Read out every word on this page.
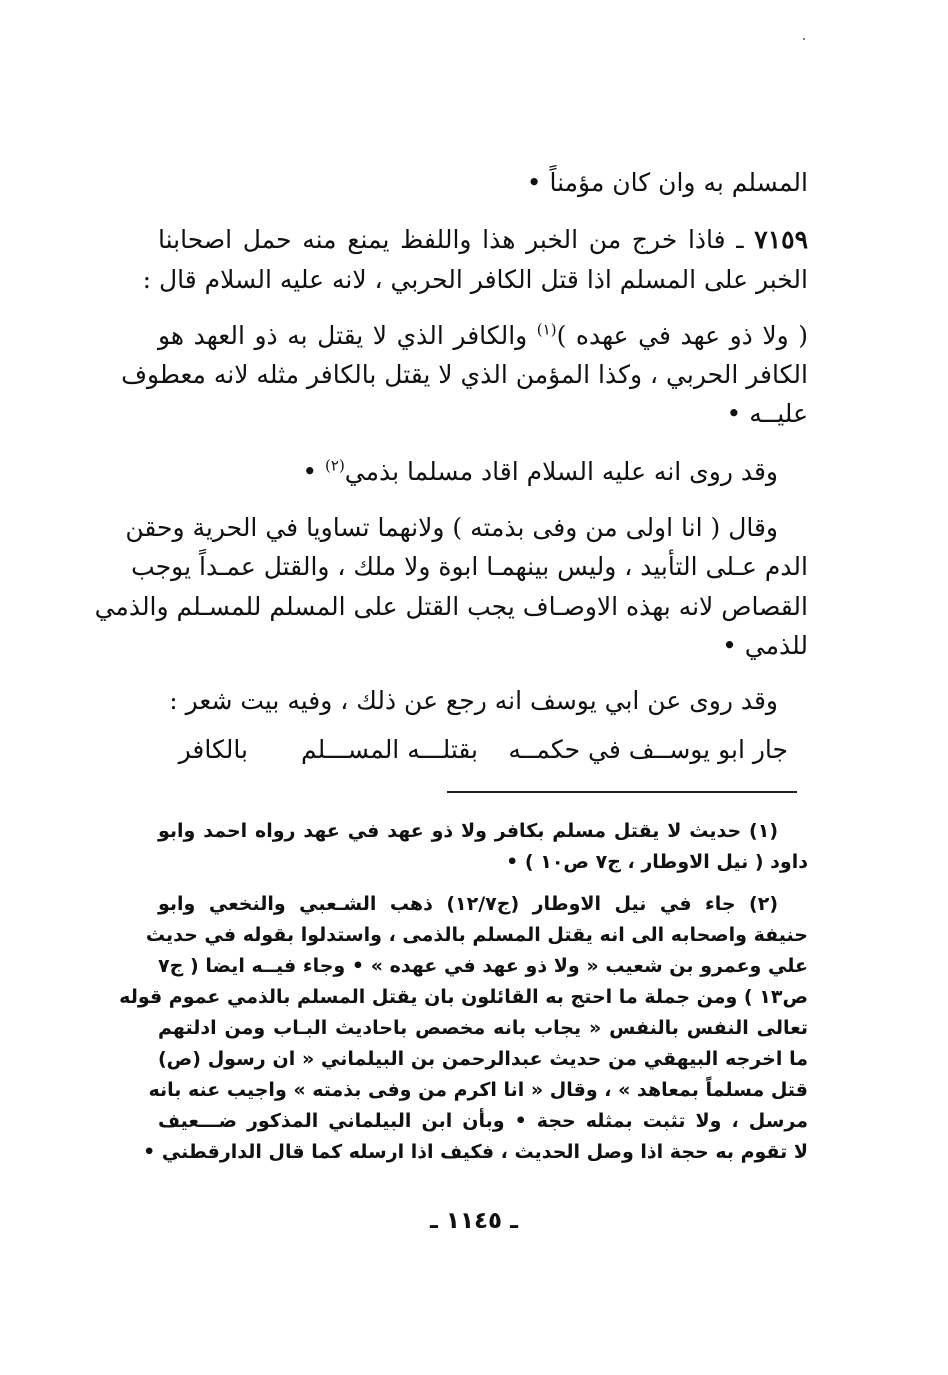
المسلم به وان كان مؤمناً •
٧١٥٩ ـ فاذا خرج من الخبر هذا واللفظ يمنع منه حمل اصحابنا
الخبر على المسلم اذا قتل الكافر الحربي ، لانه عليه السلام قال :
( ولا ذو عهد في عهده )$^{(١)}$ والكافر الذي لا يقتل به ذو العهد هو
الكافر الحربي ، وكذا المؤمن الذي لا يقتل بالكافر مثله لانه معطوف
عليــه •
وقد روى انه عليه السلام اقاد مسلما بذمي$^{(٢)}$ •
وقال ( انا اولى من وفى بذمته ) ولانهما تساويا في الحرية وحقن
الدم عـلى التأبيد ، وليس بينهمـا ابوة ولا ملك ، والقتل عمـداً يوجب
القصاص لانه بهذه الاوصـاف يجب القتل على المسلم للمسـلم والذمي
للذمي •
وقد روى عن ابي يوسف انه رجع عن ذلك ، وفيه بيت شعر :
جار ابو يوســف في حكمــه
بقتلـــه المســـلم
بالكافر
(١) حديث لا يقتل مسلم بكافر ولا ذو عهد في عهد رواه احمد وابو
داود ( نيل الاوطار ، ج٧ ص١٠ ) •
(٢) جاء في نيل الاوطار (ج١٢/٧) ذهب الشـعبي والنخعي وابو
حنيفة واصحابه الى انه يقتل المسلم بالذمى ، واستدلوا بقوله في حديث
علي وعمرو بن شعيب « ولا ذو عهد في عهده » • وجاء فيــه ايضا ( ج٧
ص١٣ ) ومن جملة ما احتج به القائلون بان يقتل المسلم بالذمي عموم قوله
تعالى النفس بالنفس « يجاب بانه مخصص باحاديث البـاب ومن ادلتهم
ما اخرجه البيهقي من حديث عبدالرحمن بن البيلماني « ان رسول (ص)
قتل مسلماً بمعاهد » ، وقال « انا اكرم من وفى بذمته » واجيب عنه بانه
مرسل ، ولا تثبت بمثله حجة • وبأن ابن البيلماني المذكور ضـــعيف
لا تقوم به حجة اذا وصل الحديث ، فكيف اذا ارسله كما قال الدارقطني •
ـ ١١٤٥ ـ
